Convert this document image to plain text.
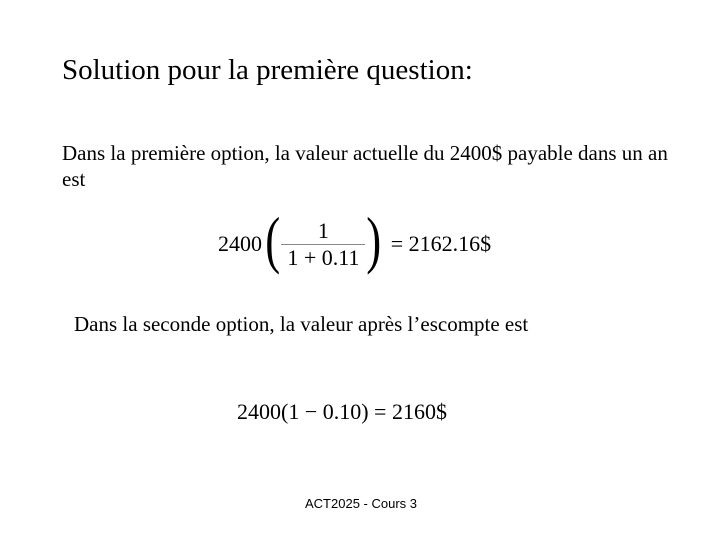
Solution pour la première question:
Dans la première option, la valeur actuelle du 2400$ payable dans un an est
2400 ( $\frac{1}{1 + 0.11}$ ) = 2162.16$
Dans la seconde option, la valeur après l’escompte est
2400(1 − 0.10) = 2160$
ACT2025 - Cours 3
